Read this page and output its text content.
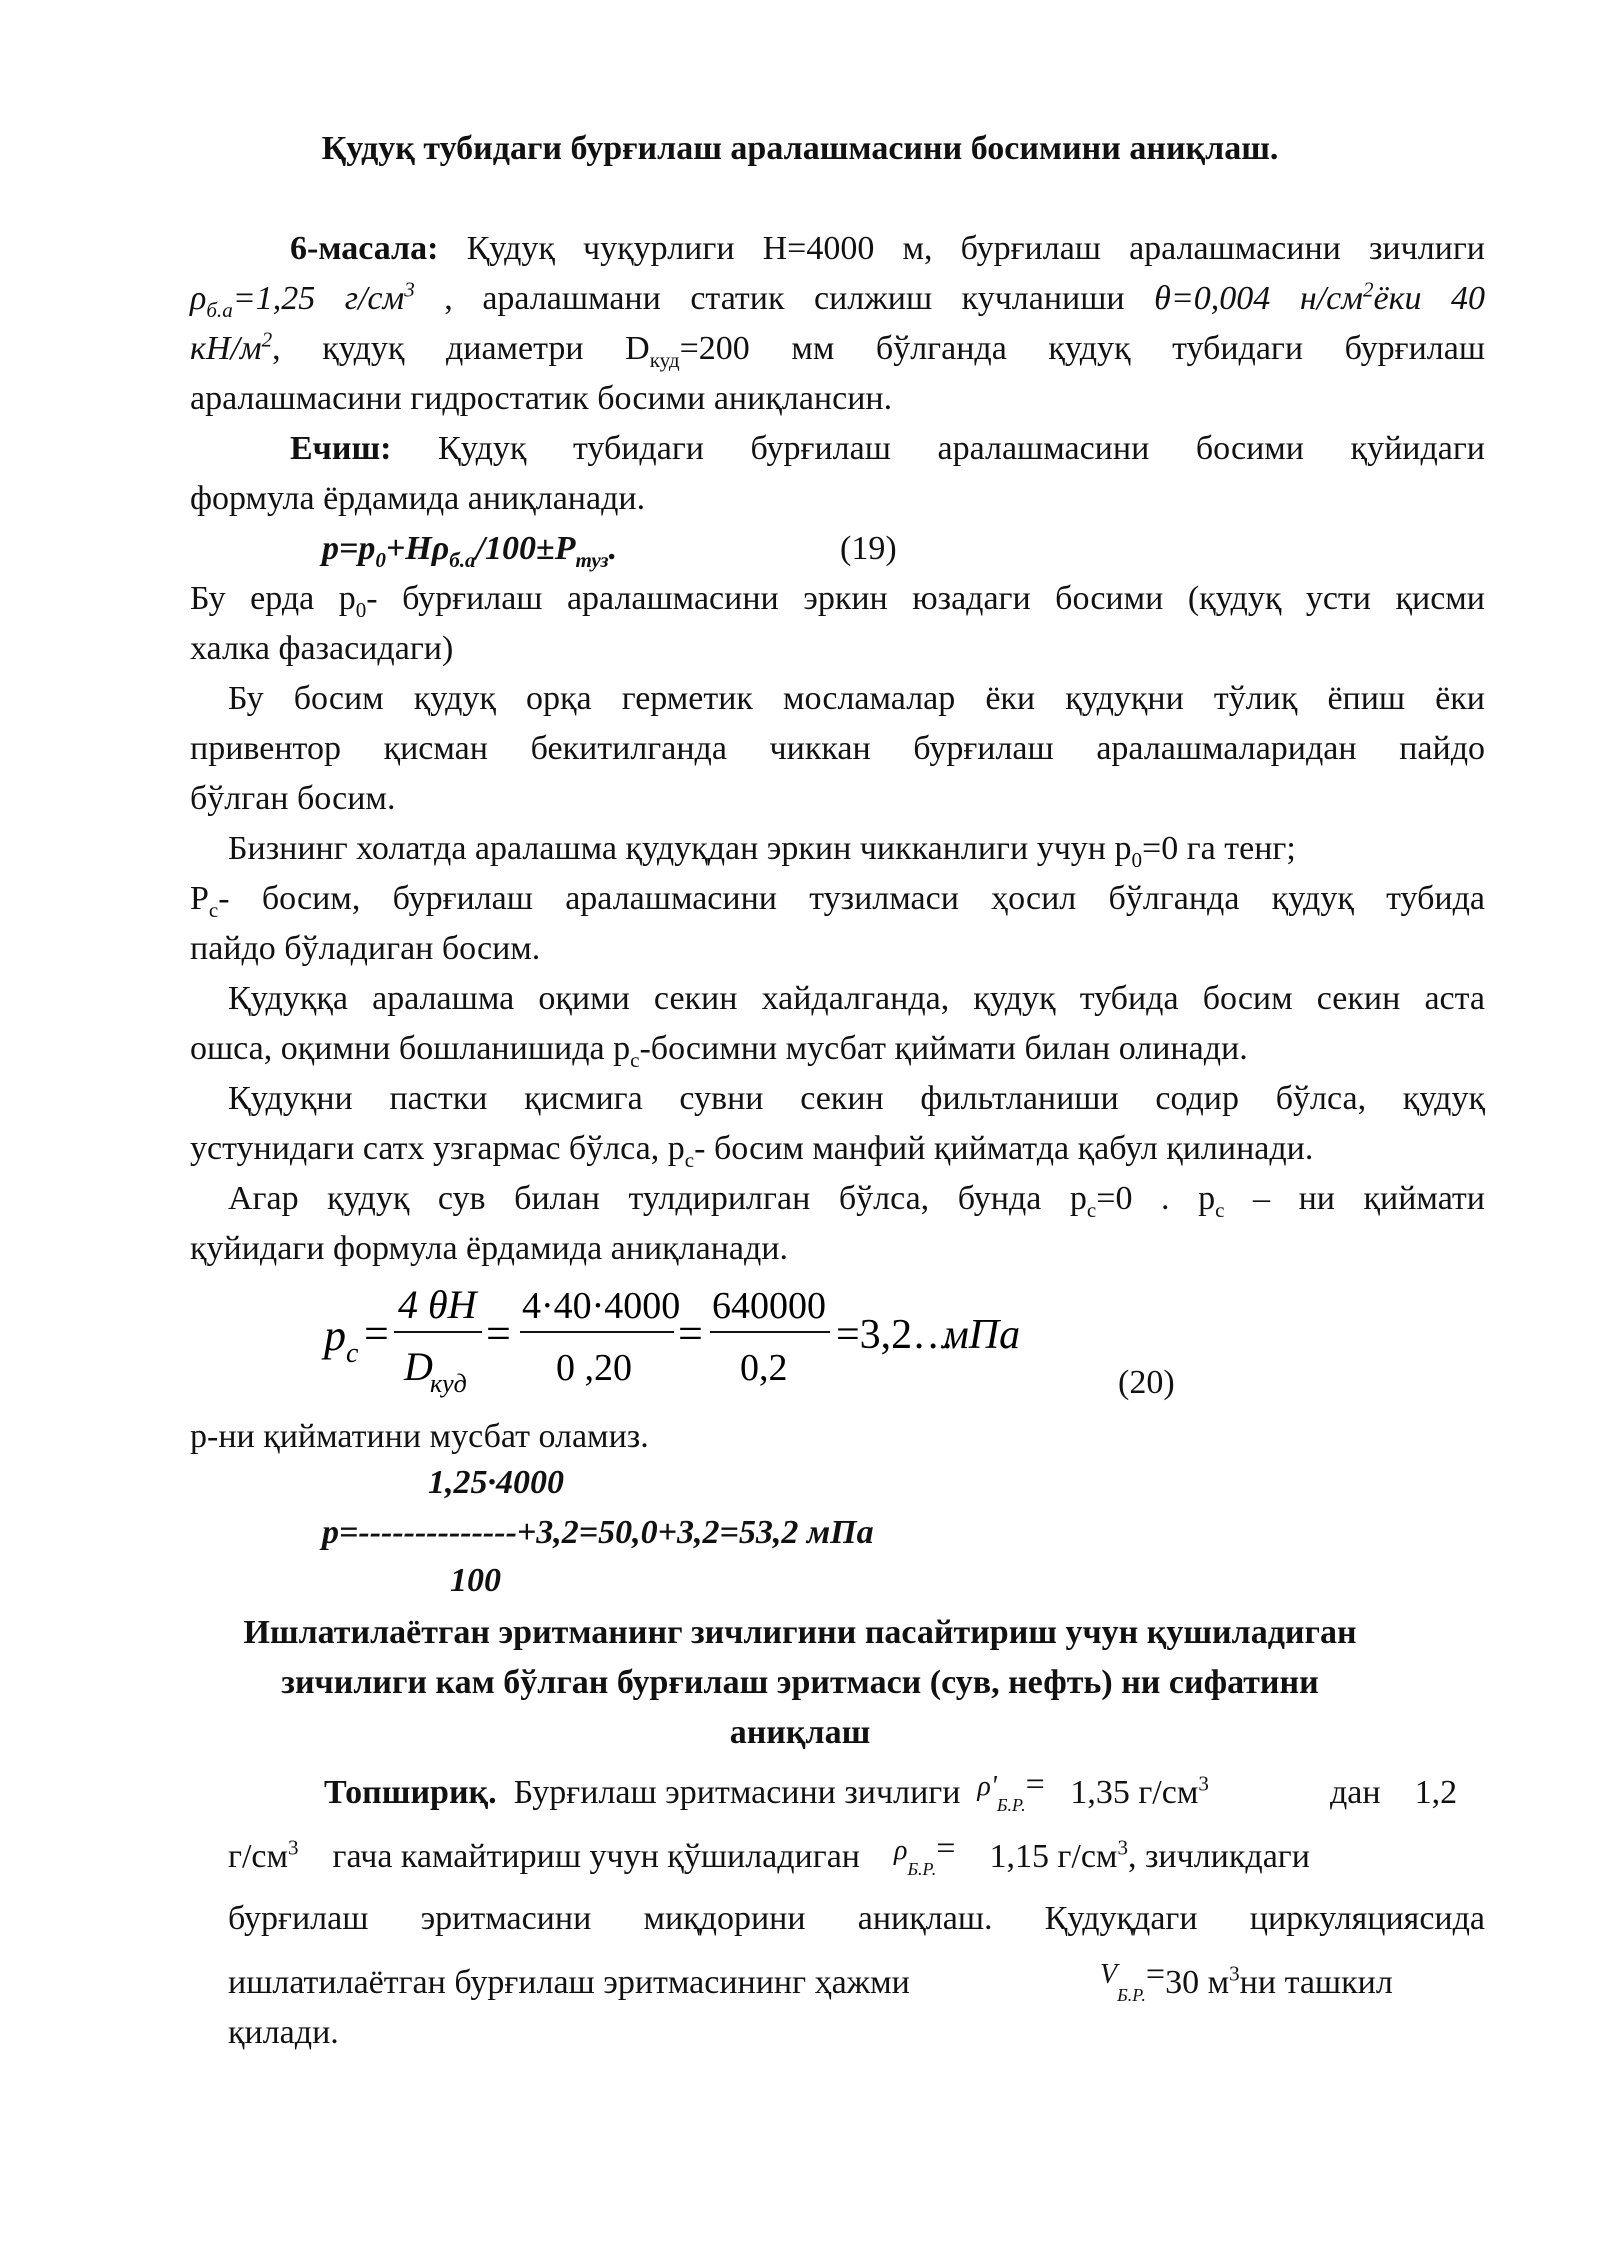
Қудуқ тубидаги бурғилаш аралашмасини босимини аниқлаш.
6-масала: Қудуқ чуқурлиги H=4000 м, бурғилаш аралашмасини зичлиги
$\rho_{б.а}=1,25$ $г/см^3$ , аралашмани статик силжиш кучланиши θ=0,004 $н/см^2ёки$ 40
$кН/м^2$, қудуқ диаметри $D_{куд}=200$ мм бўлганда қудуқ тубидаги бурғилаш
аралашмасини гидростатик босими аниқлансин.
Ечиш: Қудуқ тубидаги бурғилаш аралашмасини босими қуйидаги
формула ёрдамида аниқланади.
$p=p_0+H\rho_{б.а}/100\pm P_{туз}$.	(19)
Бу ерда $p_0-$ бурғилаш аралашмасини эркин юзадаги босими (қудуқ усти қисми
халка фазасидаги)
Бу босим қудуқ орқа герметик мосламалар ёки қудуқни тўлиқ ёпиш ёки
привентор қисман бекитилганда чиккан бурғилаш аралашмаларидан пайдо
бўлган босим.
Бизнинг холатда аралашма қудуқдан эркин чикканлиги учун $p_0=0$ га тенг;
$P_c-$ босим, бурғилаш аралашмасини тузилмаси ҳосил бўлганда қудуқ тубида
пайдо бўладиган босим.
Қудуққа аралашма оқими секин хайдалганда, қудуқ тубида босим секин аста
ошса, оқимни бошланишида $p_c$-босимни мусбат қиймати билан олинади.
Қудуқни пастки қисмига сувни секин фильтланиши содир бўлса, қудуқ
устунидаги сатх узгармас бўлса, $p_c-$ босим манфий қийматда қабул қилинади.
Агар қудуқ сув билан тулдирилган бўлса, бунда $p_c=0$ . $p_c$ – ни қиймати
қуйидаги формула ёрдамида аниқланади.
p c =
4 θH
D
куд
=
4·40·4000
0 ,20
=
640000
0,2
=3,2…
мПа
(20)
p-ни қийматини мусбат оламиз.
1,25·4000
p=--------------+3,2=50,0+3,2=53,2 мПа
100
Ишлатилаётган эритманинг зичлигини пасайтириш учун қушиладиган
зичилиги кам бўлган бурғилаш эритмаси (сув, нефть) ни сифатини
аниқлаш
Топшириқ. Бурғилаш эритмасини зичлиги $^{\rho'}_{Б.Р.}$= 1,35 $г/см^3$	дан 1,2
$г/см^3$ гача камайтириш учун қўшиладиган $^\rho_{Б.Р.}$= 1,15 $г/см^3$, зичликдаги
бурғилаш эритмасини миқдорини аниқлаш. Қудуқдаги циркуляциясида
ишлатилаётган бурғилаш эритмасининг ҳажми	$^V_{Б.Р.}$=30 $м^3ни$ ташкил
қилади.
